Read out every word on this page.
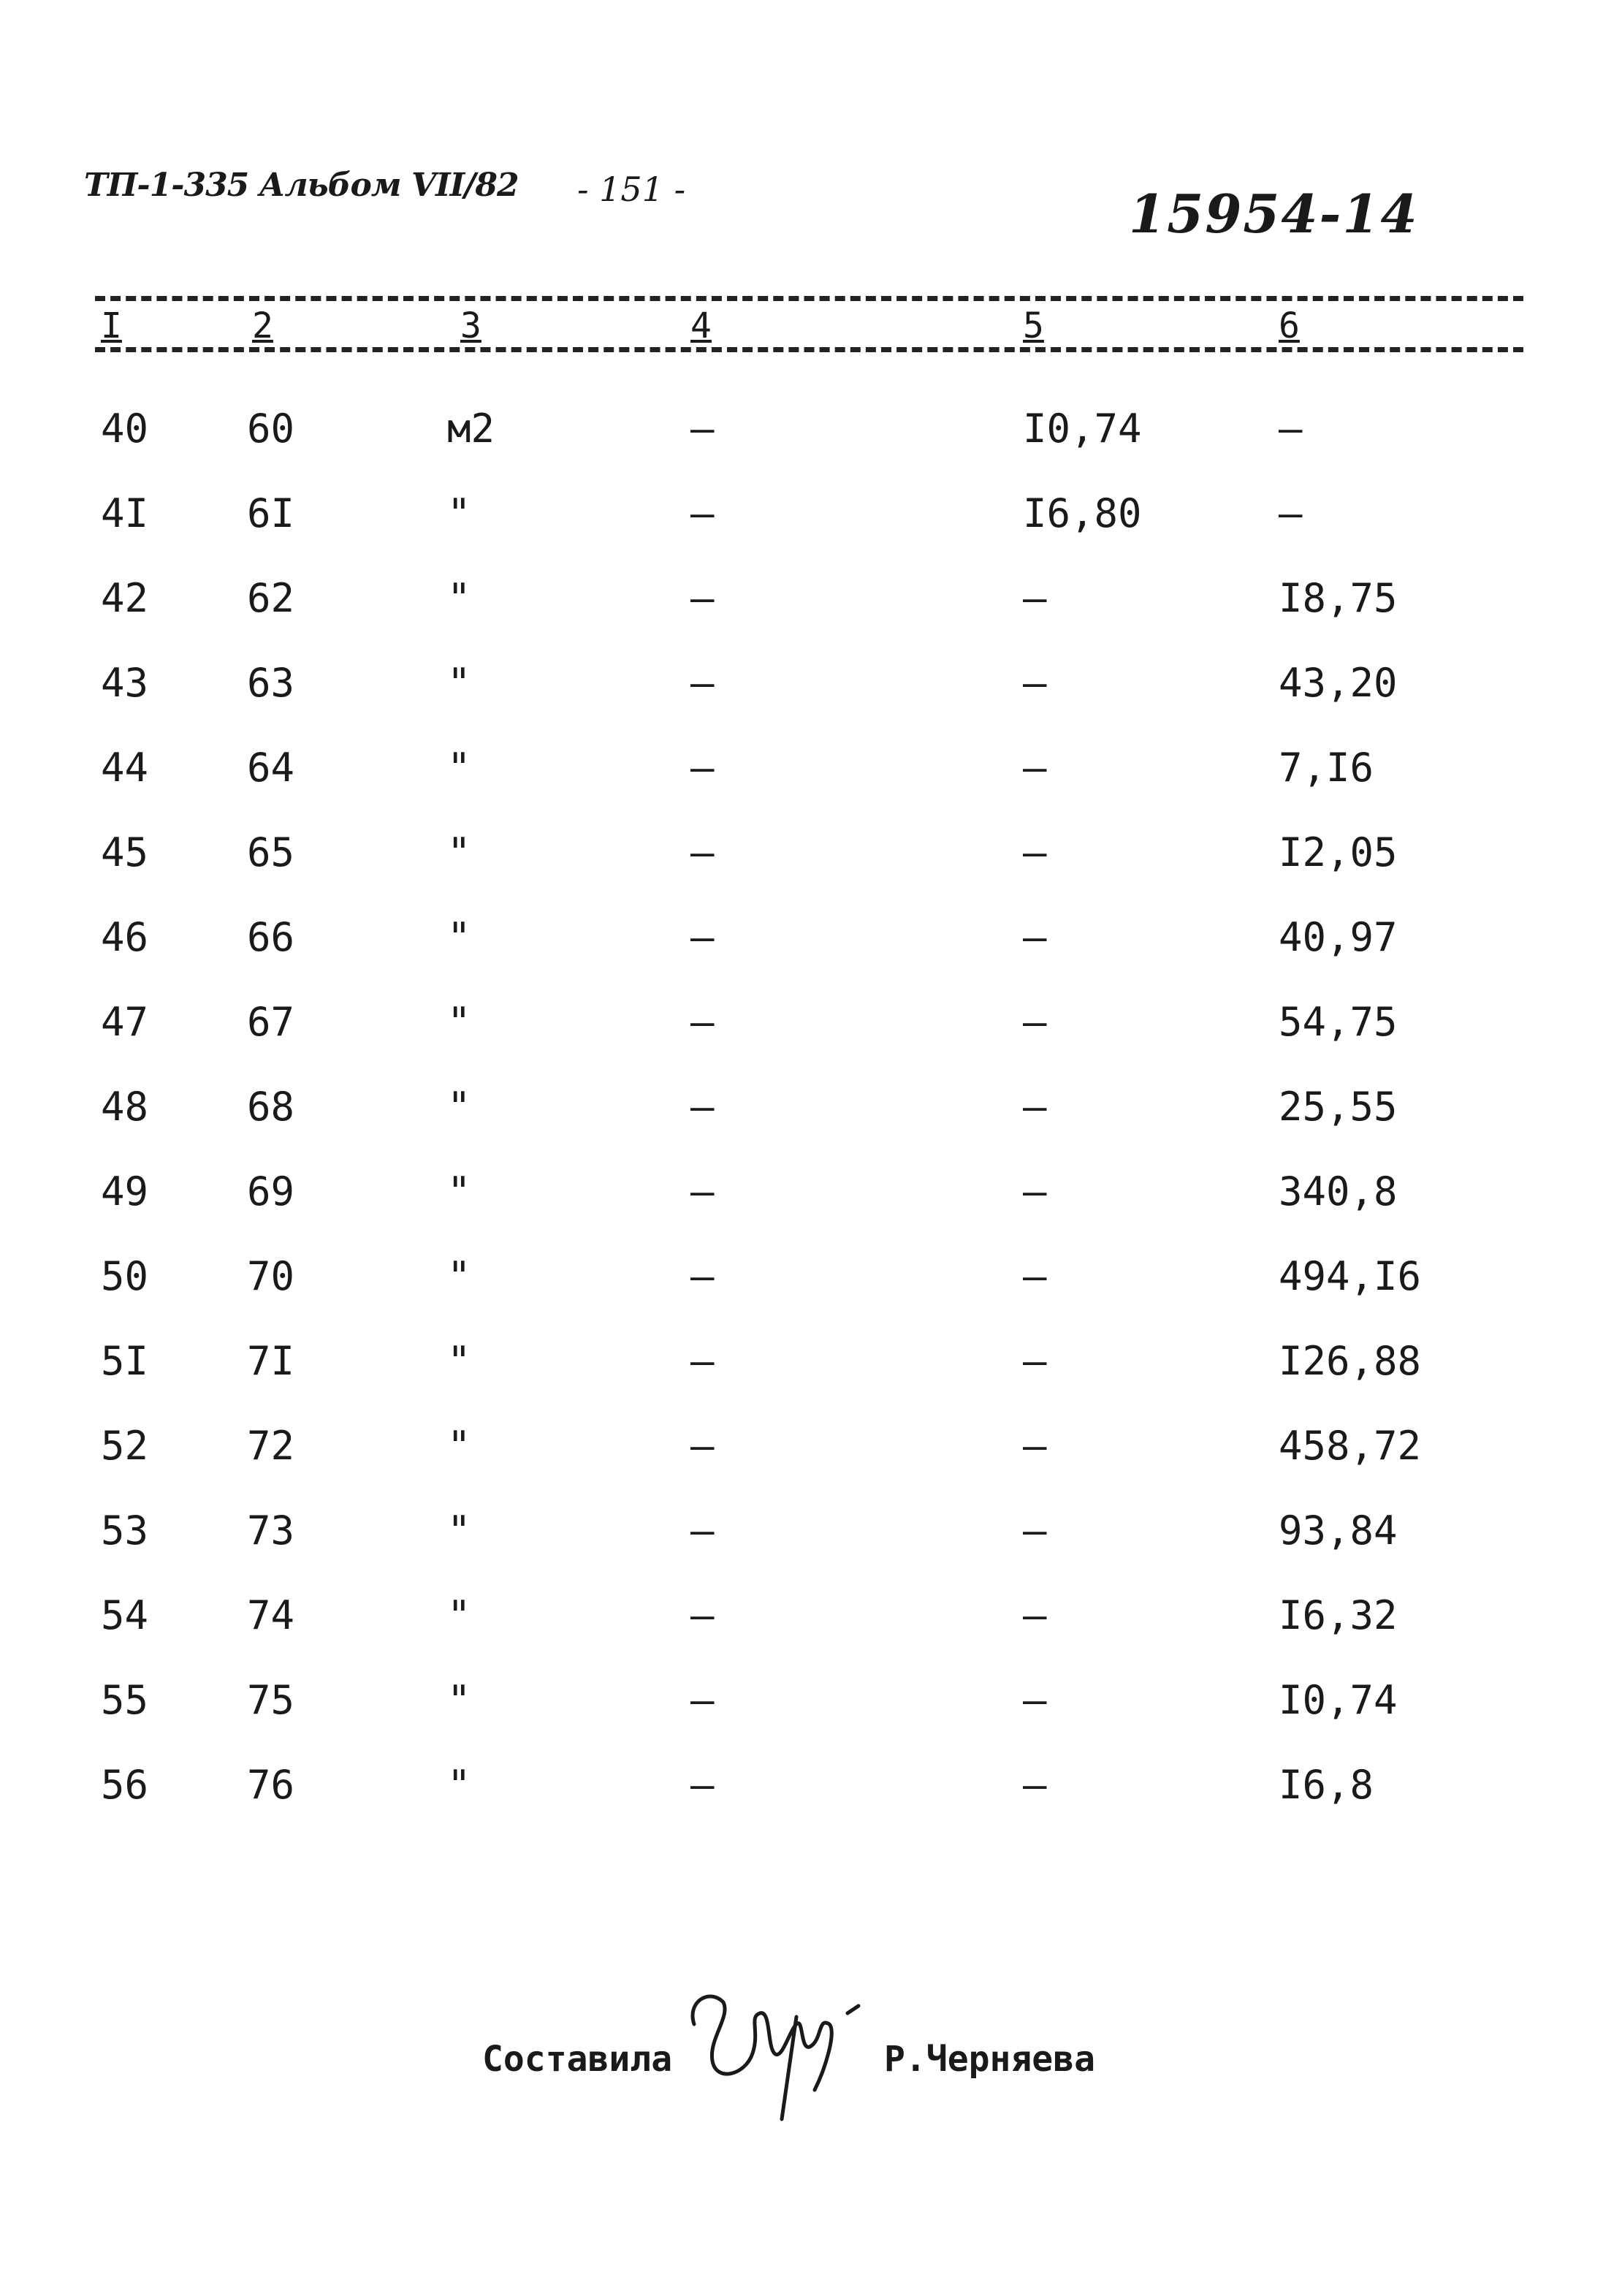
ТП-1-335 Альбом VII/82 - 151 -	15954-14
I	2	3	4	5	6
40 60	м2	–	I0,74	–
4I 6I	"	–	I6,80	–
42 62	"	–	–	I8,75
43 63	"	–	–	43,20
44 64	"	–	–	7,I6
45 65	"	–	–	I2,05
46 66	"	–	–	40,97
47 67	"	–	–	54,75
48 68	"	–	–	25,55
49 69	"	–	–	340,8
50 70	"	–	–	494,I6
5I 7I	"	–	–	I26,88
52 72	"	–	–	458,72
53 73	"	–	–	93,84
54 74	"	–	–	I6,32
55 75	"	–	–	I0,74
56 76	"	–	–	I6,8
Составила	Р.Черняева
